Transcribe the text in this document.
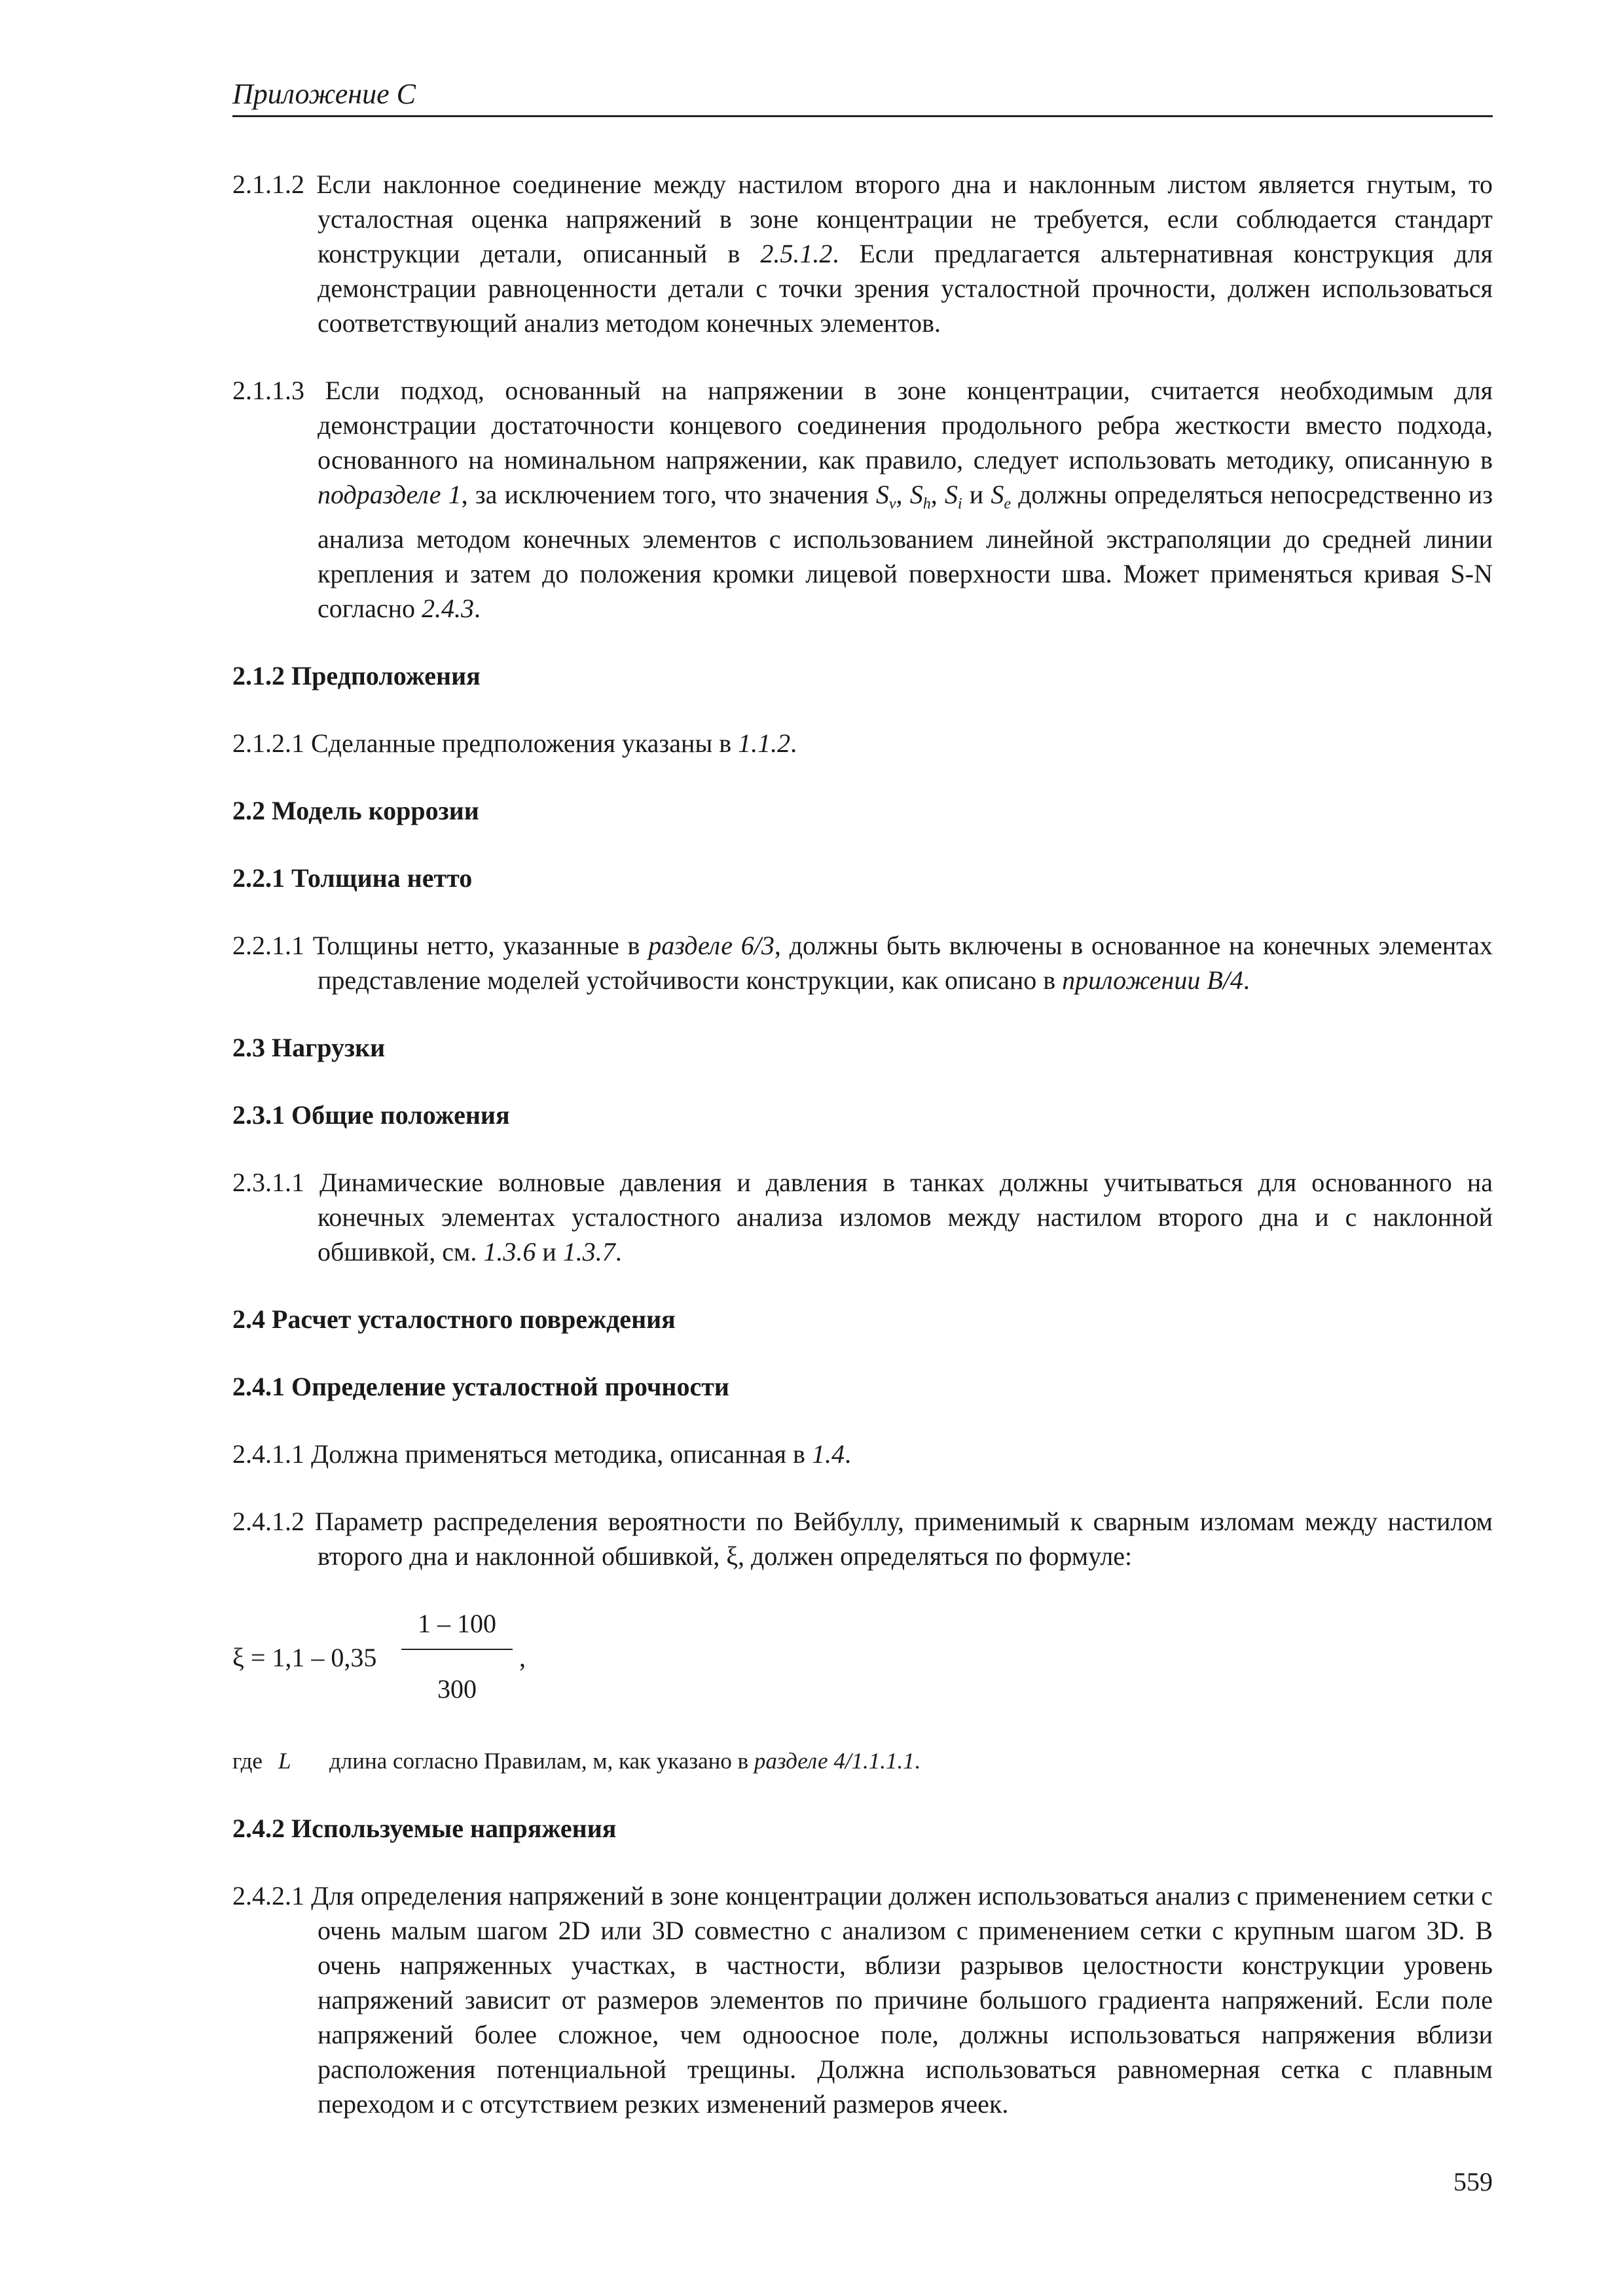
Приложение С

2.1.1.2 Если наклонное соединение между настилом второго дна и наклонным листом является гнутым, то усталостная оценка напряжений в зоне концентрации не требуется, если соблюдается стандарт конструкции детали, описанный в 2.5.1.2. Если предлагается альтернативная конструкция для демонстрации равноценности детали с точки зрения усталостной прочности, должен использоваться соответствующий анализ методом конечных элементов.

2.1.1.3 Если подход, основанный на напряжении в зоне концентрации, считается необходимым для демонстрации достаточности концевого соединения продольного ребра жесткости вместо подхода, основанного на номинальном напряжении, как правило, следует использовать методику, описанную в подразделе 1, за исключением того, что значения $S_v$, $S_h$, $S_i$ и $S_e$ должны определяться непосредственно из анализа методом конечных элементов с использованием линейной экстраполяции до средней линии крепления и затем до положения кромки лицевой поверхности шва. Может применяться кривая S-N согласно 2.4.3.

2.1.2 Предположения

2.1.2.1 Сделанные предположения указаны в 1.1.2.

2.2 Модель коррозии

2.2.1 Толщина нетто

2.2.1.1 Толщины нетто, указанные в разделе 6/3, должны быть включены в основанное на конечных элементах представление моделей устойчивости конструкции, как описано в приложении В/4.

2.3 Нагрузки

2.3.1 Общие положения

2.3.1.1 Динамические волновые давления и давления в танках должны учитываться для основанного на конечных элементах усталостного анализа изломов между настилом второго дна и с наклонной обшивкой, см. 1.3.6 и 1.3.7.

2.4 Расчет усталостного повреждения

2.4.1 Определение усталостной прочности

2.4.1.1 Должна применяться методика, описанная в 1.4.

2.4.1.2 Параметр распределения вероятности по Вейбуллу, применимый к сварным изломам между настилом второго дна и наклонной обшивкой, ξ, должен определяться по формуле:

ξ = 1,1 – 0,35
1 – 100
300
,

где L длина согласно Правилам, м, как указано в разделе 4/1.1.1.1.

2.4.2 Используемые напряжения

2.4.2.1 Для определения напряжений в зоне концентрации должен использоваться анализ с применением сетки с очень малым шагом 2D или 3D совместно с анализом с применением сетки с крупным шагом 3D. В очень напряженных участках, в частности, вблизи разрывов целостности конструкции уровень напряжений зависит от размеров элементов по причине большого градиента напряжений. Если поле напряжений более сложное, чем одноосное поле, должны использоваться напряжения вблизи расположения потенциальной трещины. Должна использоваться равномерная сетка с плавным переходом и с отсутствием резких изменений размеров ячеек.

559
